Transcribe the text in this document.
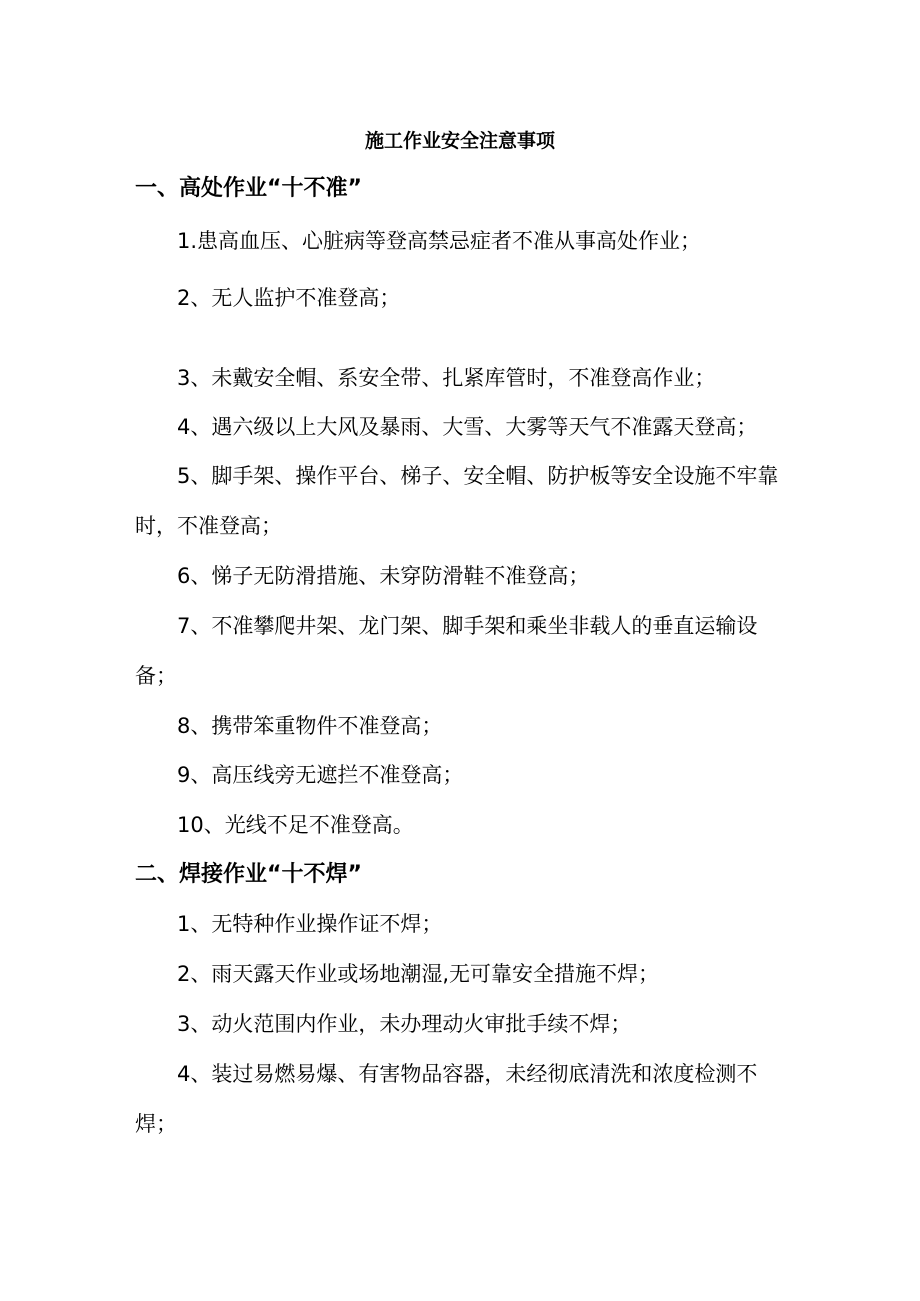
施工作业安全注意事项
一、高处作业“十不准”
1.患高血压、心脏病等登高禁忌症者不准从事高处作业；
2、无人监护不准登高；
3、未戴安全帽、系安全带、扎紧库管时，不准登高作业；
4、遇六级以上大风及暴雨、大雪、大雾等天气不准露天登高；
5、脚手架、操作平台、梯子、安全帽、防护板等安全设施不牢靠时，不准登高；
6、悌子无防滑措施、未穿防滑鞋不准登高；
7、不准攀爬井架、龙门架、脚手架和乘坐非载人的垂直运输设备；
8、携带笨重物件不准登高；
9、高压线旁无遮拦不准登高；
10、光线不足不准登高。
二、焊接作业“十不焊”
1、无特种作业操作证不焊；
2、雨天露天作业或场地潮湿,无可靠安全措施不焊；
3、动火范围内作业，未办理动火审批手续不焊；
4、装过易燃易爆、有害物品容器，未经彻底清洗和浓度检测不焊；
